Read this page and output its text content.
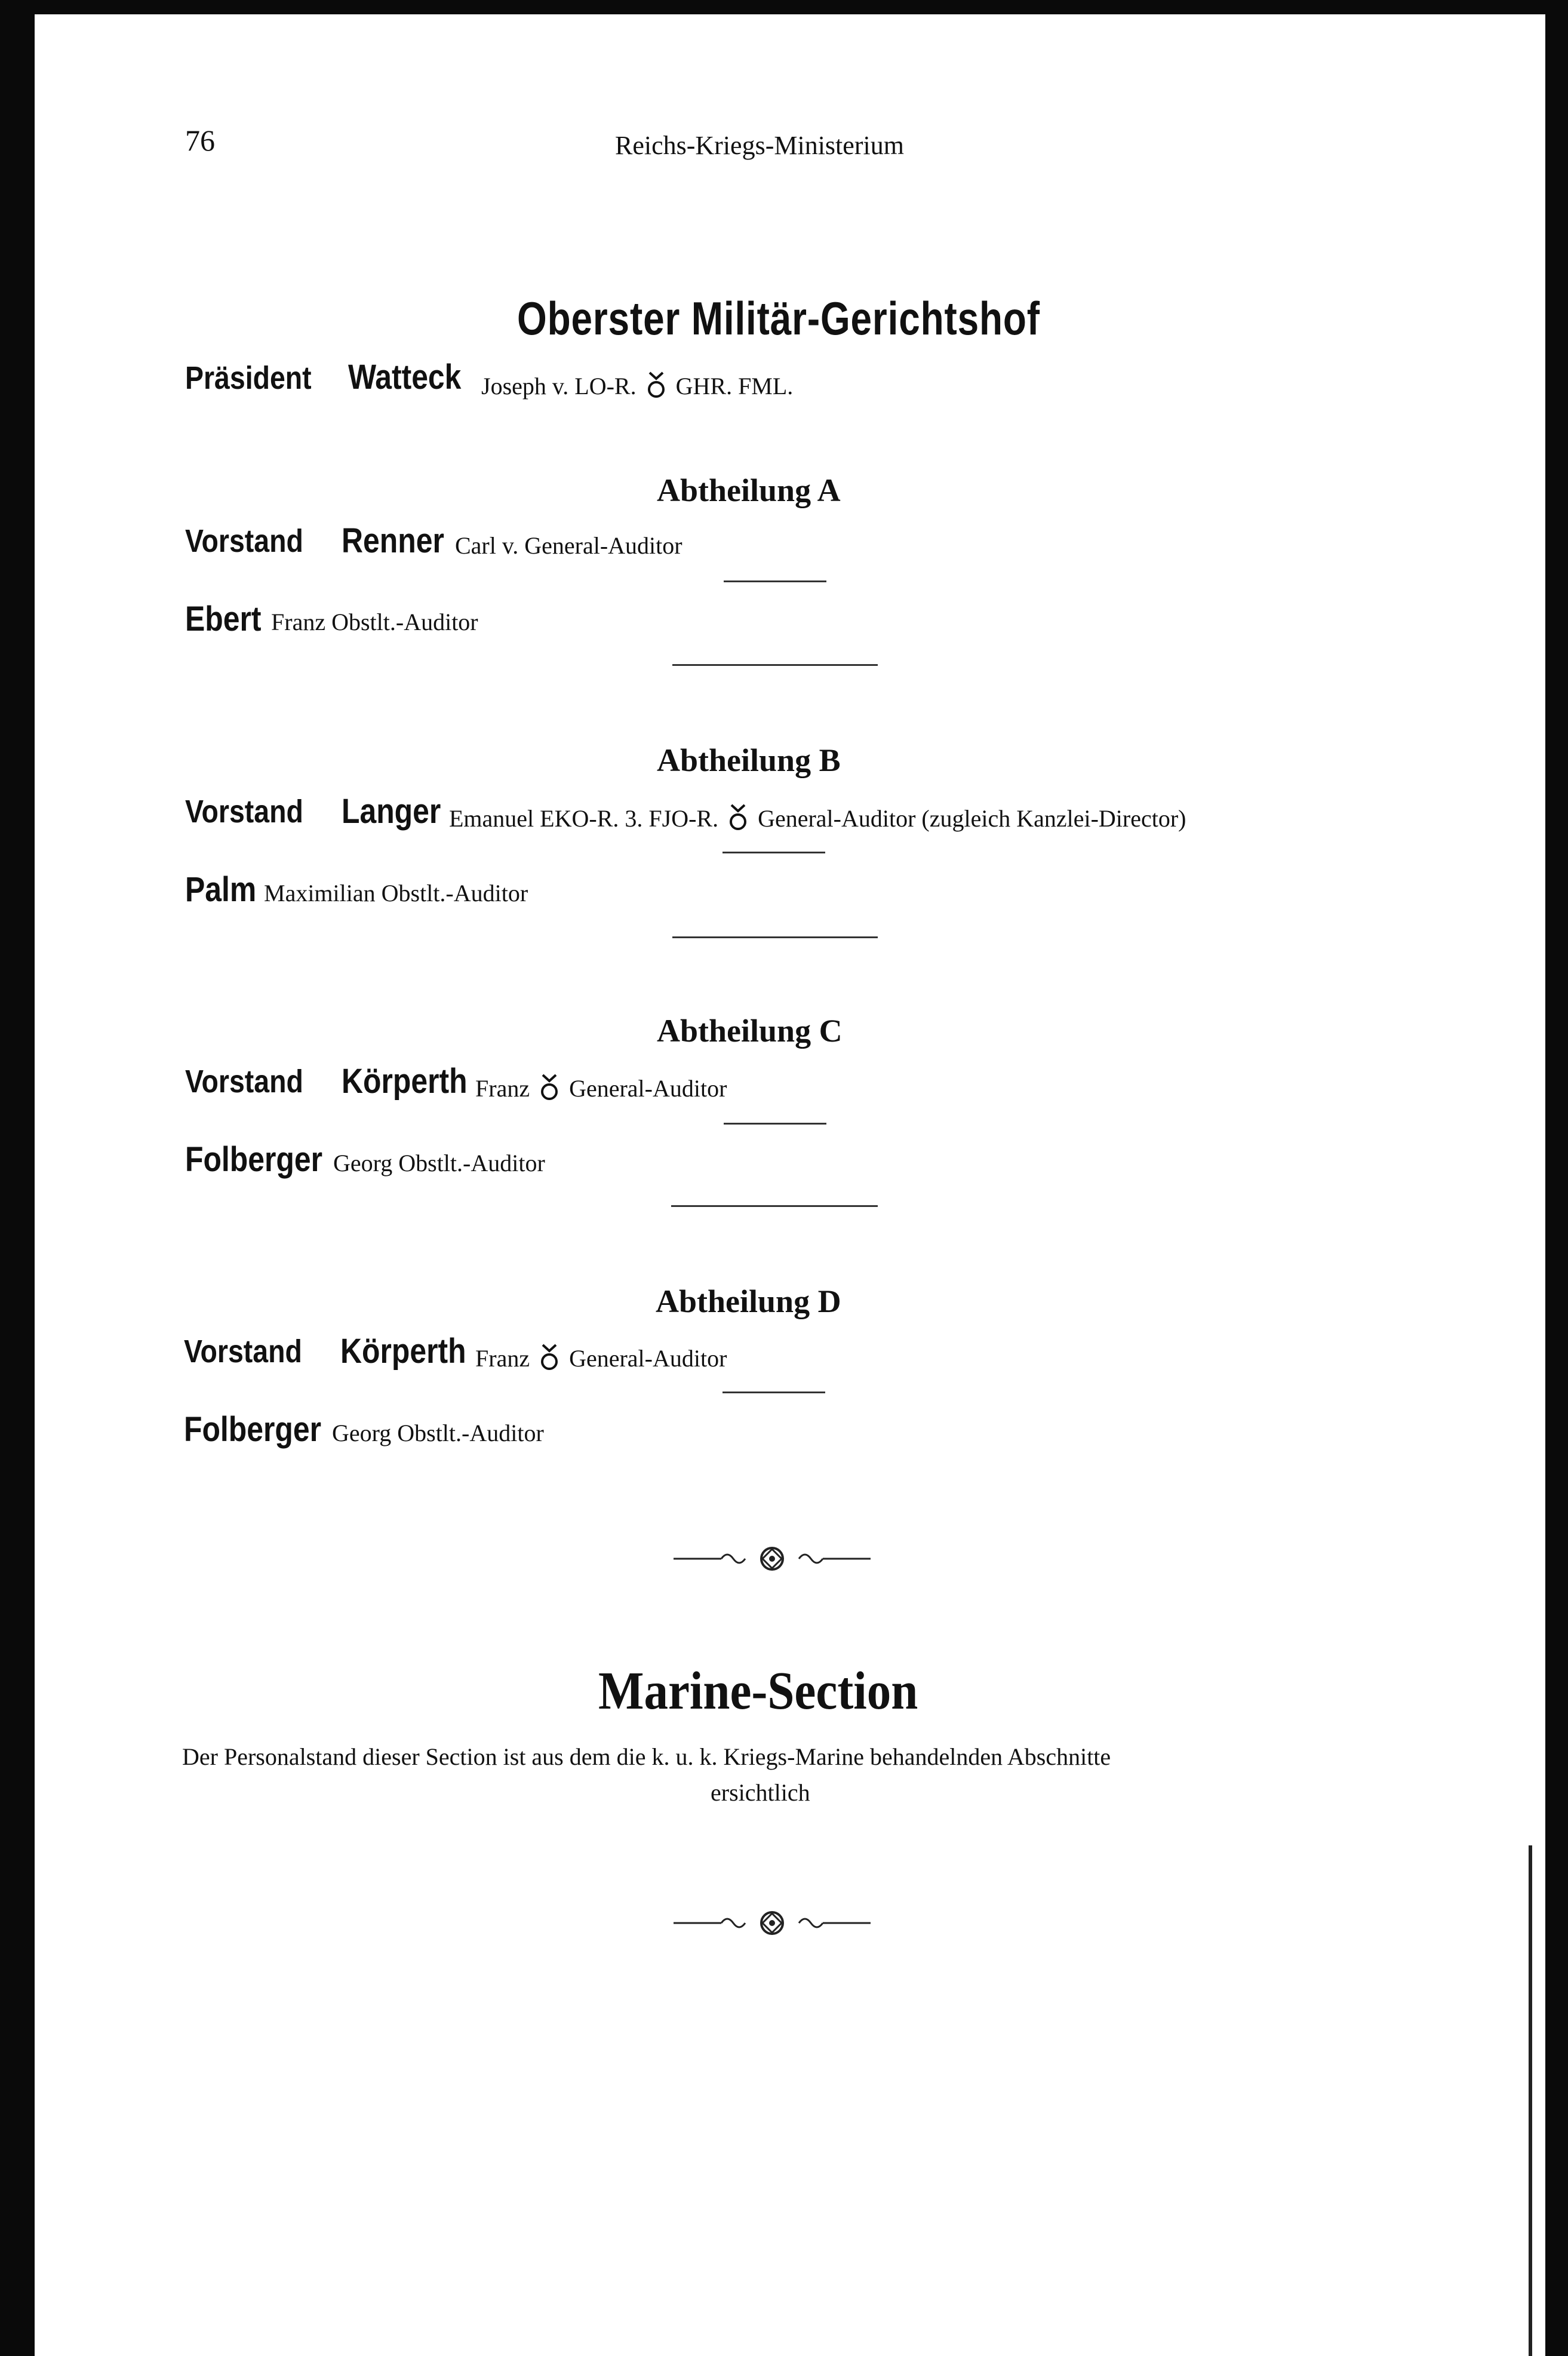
76	Reichs-Kriegs-Ministerium
Oberster Militär-Gerichtshof
Präsident Watteck Joseph v. LO-R. GHR. FML.
Abtheilung A
Vorstand Renner Carl v. General-Auditor
Ebert Franz Obstlt.-Auditor
Abtheilung B
Vorstand Langer Emanuel EKO-R. 3. FJO-R. General-Auditor (zugleich Kanzlei-Director)
Palm Maximilian Obstlt.-Auditor
Abtheilung C
Vorstand Körperth Franz General-Auditor
Folberger Georg Obstlt.-Auditor
Abtheilung D
Vorstand Körperth Franz General-Auditor
Folberger Georg Obstlt.-Auditor
Marine-Section
Der Personalstand dieser Section ist aus dem die k. u. k. Kriegs-Marine behandelnden Abschnitte
ersichtlich
